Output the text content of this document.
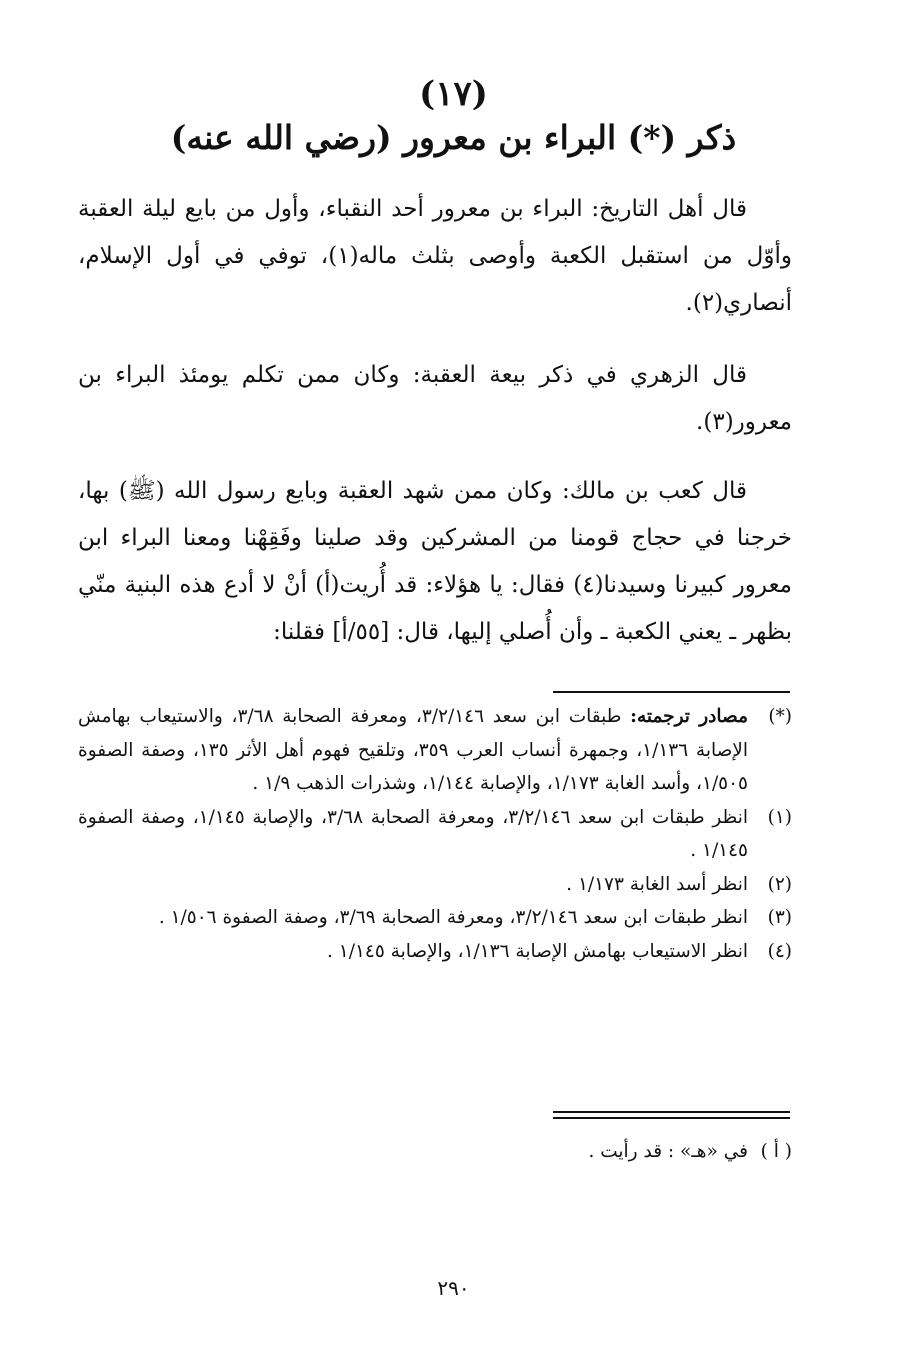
(١٧)
ذكر (*) البراء بن معرور (رضي الله عنه)
قال أهل التاريخ: البراء بن معرور أحد النقباء، وأول من بايع ليلة العقبة وأوّل من استقبل الكعبة وأوصى بثلث ماله(١)، توفي في أول الإسلام، أنصاري(٢).
قال الزهري في ذكر بيعة العقبة: وكان ممن تكلم يومئذ البراء بن معرور(٣).
قال كعب بن مالك: وكان ممن شهد العقبة وبايع رسول الله (ﷺ) بها، خرجنا في حجاج قومنا من المشركين وقد صلينا وفَقِهْنا ومعنا البراء ابن معرور كبيرنا وسيدنا(٤) فقال: يا هؤلاء: قد أُريت(أ) أنْ لا أدع هذه البنية منّي بظهر ـ يعني الكعبة ـ وأن أُصلي إليها، قال: [٥٥/أ] فقلنا:
(*)
مصادر ترجمته: طبقات ابن سعد ٣/٢/١٤٦، ومعرفة الصحابة ٣/٦٨، والاستيعاب بهامش الإصابة ١/١٣٦، وجمهرة أنساب العرب ٣٥٩، وتلقيح فهوم أهل الأثر ١٣٥، وصفة الصفوة ١/٥٠٥، وأسد الغابة ١/١٧٣، والإصابة ١/١٤٤، وشذرات الذهب ١/٩ .
(١)
انظر طبقات ابن سعد ٣/٢/١٤٦، ومعرفة الصحابة ٣/٦٨، والإصابة ١/١٤٥، وصفة الصفوة ١/١٤٥ .
(٢)
انظر أسد الغابة ١/١٧٣ .
(٣)
انظر طبقات ابن سعد ٣/٢/١٤٦، ومعرفة الصحابة ٣/٦٩، وصفة الصفوة ١/٥٠٦ .
(٤)
انظر الاستيعاب بهامش الإصابة ١/١٣٦، والإصابة ١/١٤٥ .
( أ )في «هـ» : قد رأيت .
٢٩٠
